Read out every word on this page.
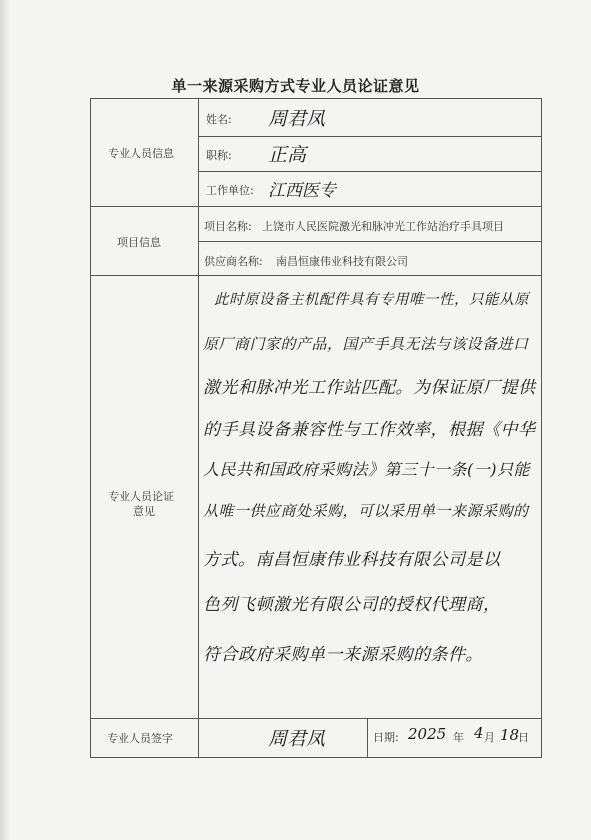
单一来源采购方式专业人员论证意见
专业人员信息
姓名: 周君凤
职称: 正高
工作单位: 江西医专
项目信息
项目名称: 上饶市人民医院激光和脉冲光工作站治疗手具项目
供应商名称: 南昌恒康伟业科技有限公司
专业人员论证
意见
此时原设备主机配件具有专用唯一性，只能从原
原厂商门家的产品，国产手具无法与该设备进口
激光和脉冲光工作站匹配。为保证原厂提供
的手具设备兼容性与工作效率，根据《中华
人民共和国政府采购法》第三十一条(一)只能
从唯一供应商处采购，可以采用单一来源采购的
方式。南昌恒康伟业科技有限公司是以
色列飞顿激光有限公司的授权代理商，
符合政府采购单一来源采购的条件。
专业人员签字	周君凤	日期: 2025 年 4 月 18
日
